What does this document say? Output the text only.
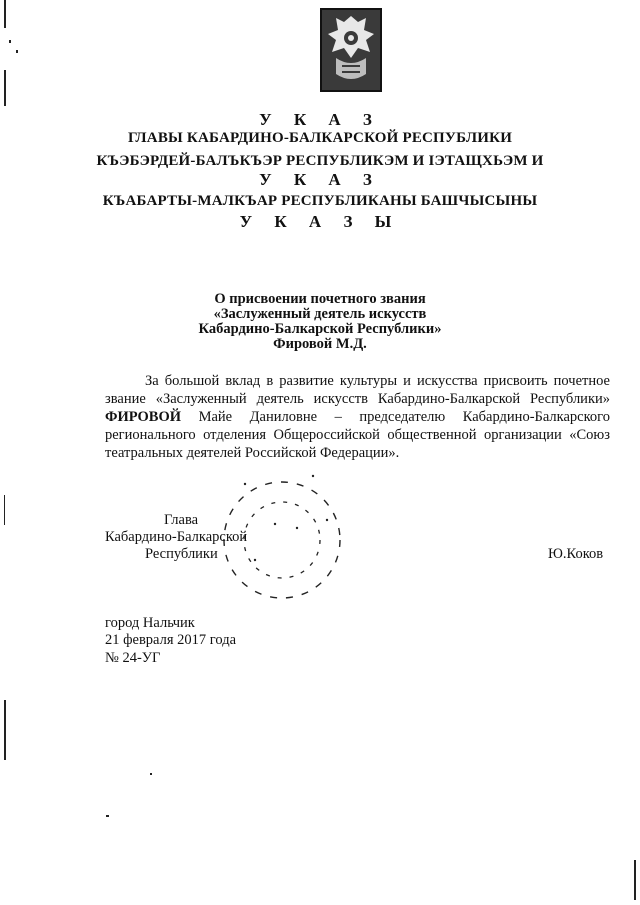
У К А З
ГЛАВЫ КАБАРДИНО-БАЛКАРСКОЙ РЕСПУБЛИКИ
КЪЭБЭРДЕЙ-БАЛЪКЪЭР РЕСПУБЛИКЭМ И ІЭТАЩХЬЭМ И
У К А З
КЪАБАРТЫ-МАЛКЪАР РЕСПУБЛИКАНЫ БАШЧЫСЫНЫ
У К А З Ы
О присвоении почетного звания
«Заслуженный деятель искусств
Кабардино-Балкарской Республики»
Фировой М.Д.

За большой вклад в развитие культуры и искусства присвоить почетное звание «Заслуженный деятель искусств Кабардино-Балкарской Республики» ФИРОВОЙ Майе Даниловне – председателю Кабардино-Балкарского регионального отделения Общероссийской общественной организации «Союз театральных деятелей Российской Федерации».

Глава
Кабардино-Балкарской
Республики	Ю.Коков
город Нальчик
21 февраля 2017 года
№ 24-УГ
